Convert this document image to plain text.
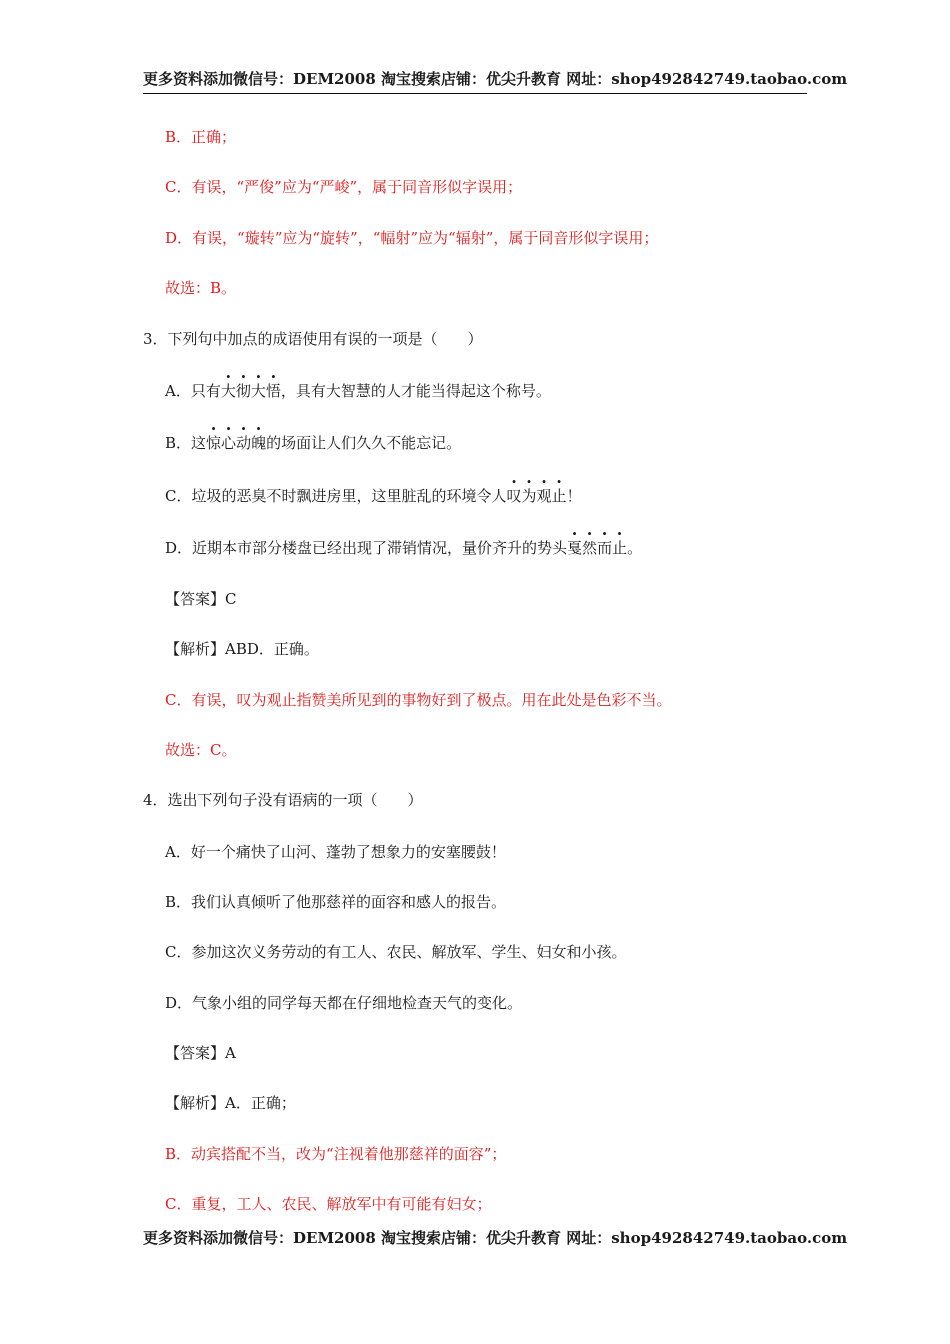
更多资料添加微信号：DEM2008 淘宝搜索店铺：优尖升教育 网址：shop492842749.taobao.com
B．正确；
C．有误，“严俊”应为“严峻”，属于同音形似字误用；
D．有误，“璇转”应为“旋转”，“幅射”应为“辐射”，属于同音形似字误用；
故选：B。
3．下列句中加点的成语使用有误的一项是（　　）
A．只有大彻大悟，具有大智慧的人才能当得起这个称号。
B．这惊心动魄的场面让人们久久不能忘记。
C．垃圾的恶臭不时飘进房里，这里脏乱的环境令人叹为观止！
D．近期本市部分楼盘已经出现了滞销情况，量价齐升的势头戛然而止。
【答案】C
【解析】ABD．正确。
C．有误，叹为观止指赞美所见到的事物好到了极点。用在此处是色彩不当。
故选：C。
4．选出下列句子没有语病的一项（　　）
A．好一个痛快了山河、蓬勃了想象力的安塞腰鼓！
B．我们认真倾听了他那慈祥的面容和感人的报告。
C．参加这次义务劳动的有工人、农民、解放军、学生、妇女和小孩。
D．气象小组的同学每天都在仔细地检查天气的变化。
【答案】A
【解析】A．正确；
B．动宾搭配不当，改为“注视着他那慈祥的面容”；
C．重复，工人、农民、解放军中有可能有妇女；
更多资料添加微信号：DEM2008 淘宝搜索店铺：优尖升教育 网址：shop492842749.taobao.com
